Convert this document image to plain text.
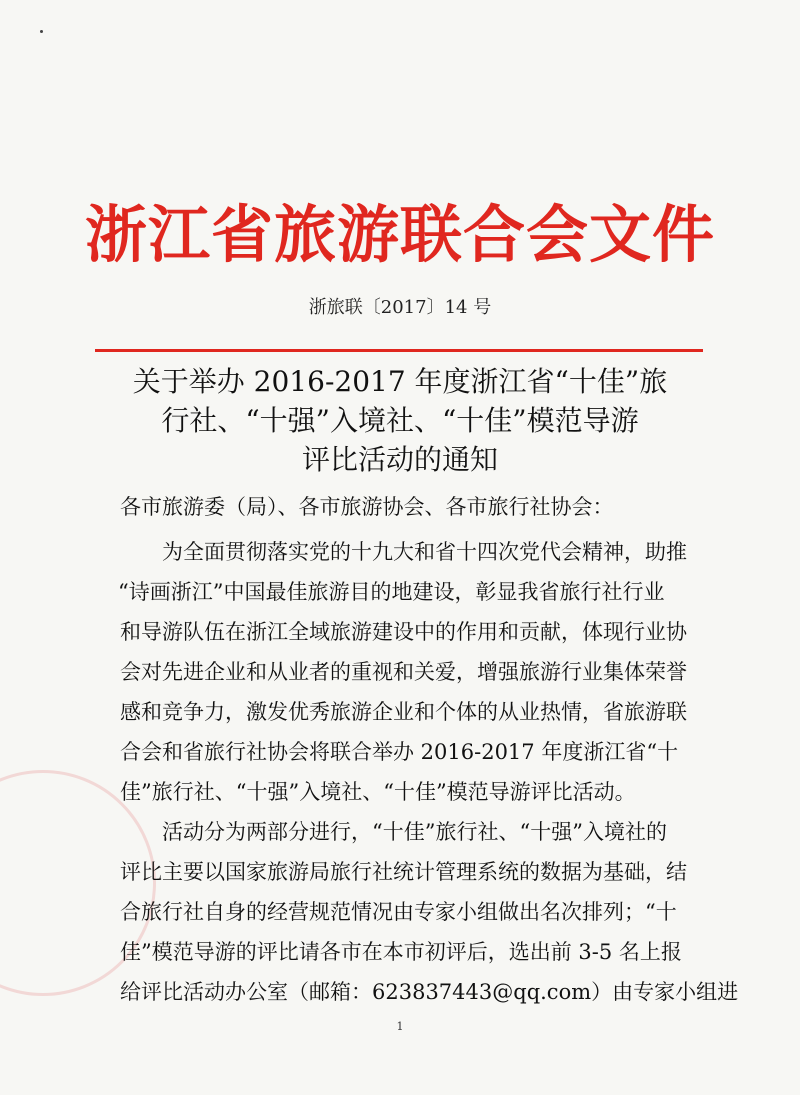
浙江省旅游联合会文件
浙旅联〔2017〕14 号
关于举办 2016-2017 年度浙江省“十佳”旅
行社、“十强”入境社、“十佳”模范导游
评比活动的通知
各市旅游委（局）、各市旅游协会、各市旅行社协会：
为全面贯彻落实党的十九大和省十四次党代会精神，助推
“诗画浙江”中国最佳旅游目的地建设，彰显我省旅行社行业
和导游队伍在浙江全域旅游建设中的作用和贡献，体现行业协
会对先进企业和从业者的重视和关爱，增强旅游行业集体荣誉
感和竞争力，激发优秀旅游企业和个体的从业热情，省旅游联
合会和省旅行社协会将联合举办 2016-2017 年度浙江省“十
佳”旅行社、“十强”入境社、“十佳”模范导游评比活动。
活动分为两部分进行，“十佳”旅行社、“十强”入境社的
评比主要以国家旅游局旅行社统计管理系统的数据为基础，结
合旅行社自身的经营规范情况由专家小组做出名次排列；“十
佳”模范导游的评比请各市在本市初评后，选出前 3-5 名上报
给评比活动办公室（邮箱：623837443@qq.com）由专家小组进
1
